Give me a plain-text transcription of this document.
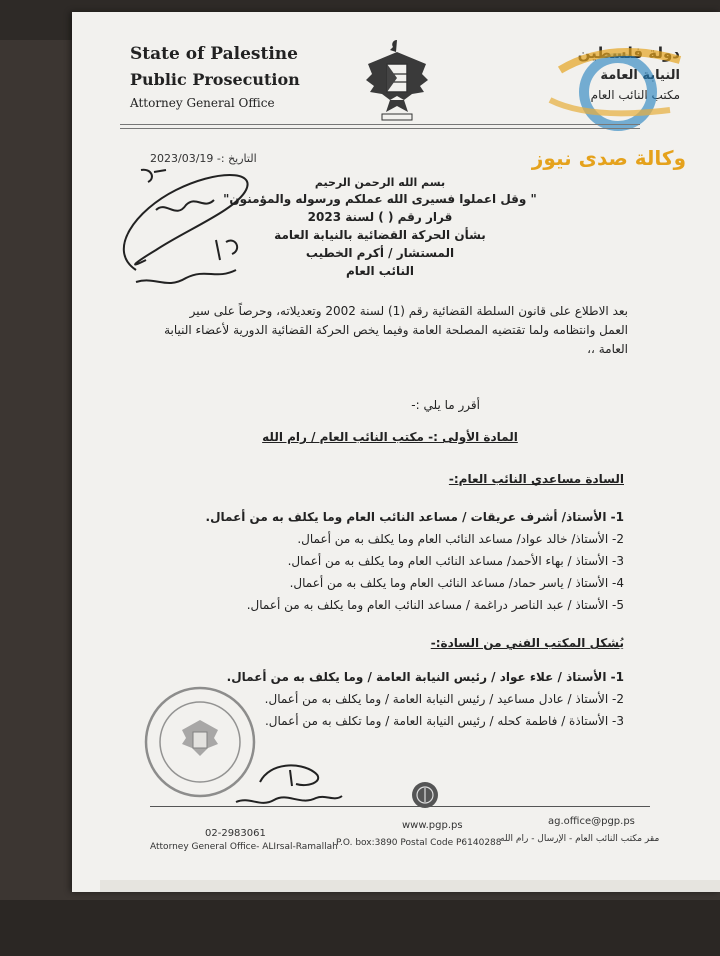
State of Palestine
Public Prosecution
Attorney General Office
دولة فلسطين
النيابة العامة
مكتب النائب العام
وكالة صدى نيوز
التاريخ :- 2023/03/19
بسم الله الرحمن الرحيم
" وقل اعملوا فسيرى الله عملكم ورسوله والمؤمنون"
قرار رقم ( ) لسنة 2023
بشأن الحركة القضائية بالنيابة العامة
المستشار / أكرم الخطيب
النائب العام
بعد الاطلاع على قانون السلطة القضائية رقم (1) لسنة 2002 وتعديلاته، وحرصاً على سير العمل وانتظامه ولما تقتضيه المصلحة العامة وفيما يخص الحركة القضائية الدورية لأعضاء النيابة العامة ،،
أقرر ما يلي :-
المادة الأولى :- مكتب النائب العام / رام الله
السادة مساعدي النائب العام:-
1- الأستاذ/ أشرف عريقات / مساعد النائب العام وما يكلف به من أعمال.
2- الأستاذ/ خالد عواد/ مساعد النائب العام وما يكلف به من أعمال.
3- الأستاذ / بهاء الأحمد/ مساعد النائب العام وما يكلف به من أعمال.
4- الأستاذ / ياسر حماد/ مساعد النائب العام وما يكلف به من أعمال.
5- الأستاذ / عبد الناصر دراغمة / مساعد النائب العام وما يكلف به من أعمال.
يُشكل المكتب الفني من السادة:-
1- الأستاذ / علاء عواد / رئيس النيابة العامة / وما يكلف به من أعمال.
2- الأستاذ / عادل مساعيد / رئيس النيابة العامة / وما يكلف به من أعمال.
3- الأستاذة / فاطمة كحله / رئيس النيابة العامة / وما تكلف به من أعمال.
02-2983061
Attorney General Office- ALIrsal-Ramallah
www.pgp.ps	ag.office@pgp.ps
P.O. box:3890 Postal Code P6140288
مقر مكتب النائب العام - الإرسال - رام الله
